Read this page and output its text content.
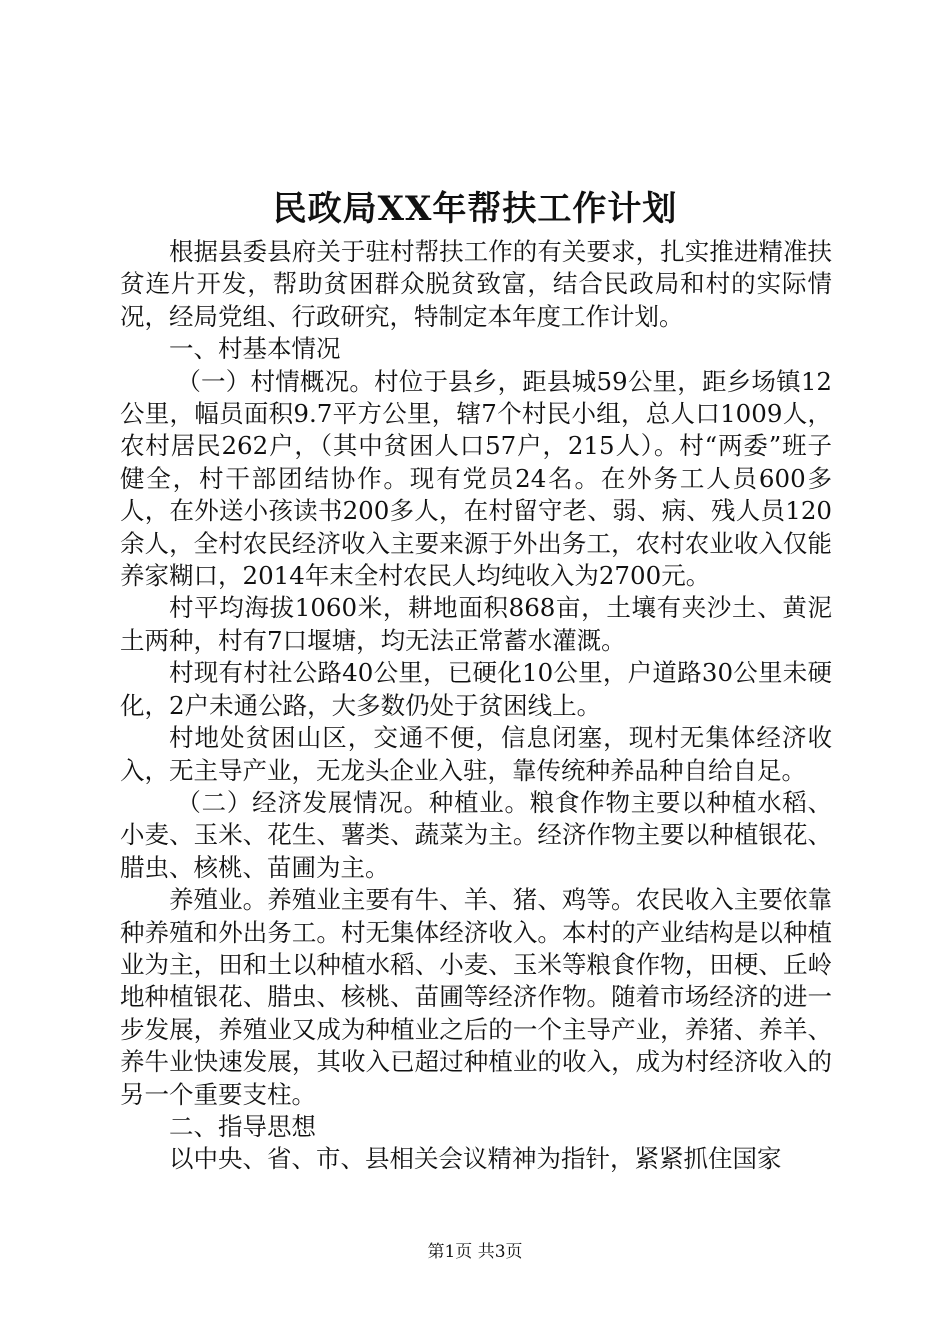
民政局XX年帮扶工作计划

根据县委县府关于驻村帮扶工作的有关要求，扎实推进精准扶贫连片开发，帮助贫困群众脱贫致富，结合民政局和村的实际情况，经局党组、行政研究，特制定本年度工作计划。

一、村基本情况

（一）村情概况。村位于县乡，距县城59公里，距乡场镇12公里，幅员面积9.7平方公里，辖7个村民小组，总人口1009人，农村居民262户，（其中贫困人口57户，215人）。村“两委”班子健全，村干部团结协作。现有党员24名。在外务工人员600多人，在外送小孩读书200多人，在村留守老、弱、病、残人员120余人，全村农民经济收入主要来源于外出务工，农村农业收入仅能养家糊口，2014年末全村农民人均纯收入为2700元。

村平均海拔1060米，耕地面积868亩，土壤有夹沙土、黄泥土两种，村有7口堰塘，均无法正常蓄水灌溉。

村现有村社公路40公里，已硬化10公里，户道路30公里未硬化，2户未通公路，大多数仍处于贫困线上。

村地处贫困山区，交通不便，信息闭塞，现村无集体经济收入，无主导产业，无龙头企业入驻，靠传统种养品种自给自足。

（二）经济发展情况。种植业。粮食作物主要以种植水稻、小麦、玉米、花生、薯类、蔬菜为主。经济作物主要以种植银花、腊虫、核桃、苗圃为主。

养殖业。养殖业主要有牛、羊、猪、鸡等。农民收入主要依靠种养殖和外出务工。村无集体经济收入。本村的产业结构是以种植业为主，田和土以种植水稻、小麦、玉米等粮食作物，田梗、丘岭地种植银花、腊虫、核桃、苗圃等经济作物。随着市场经济的进一步发展，养殖业又成为种植业之后的一个主导产业，养猪、养羊、养牛业快速发展，其收入已超过种植业的收入，成为村经济收入的另一个重要支柱。

二、指导思想

以中央、省、市、县相关会议精神为指针，紧紧抓住国家

第1页 共3页
